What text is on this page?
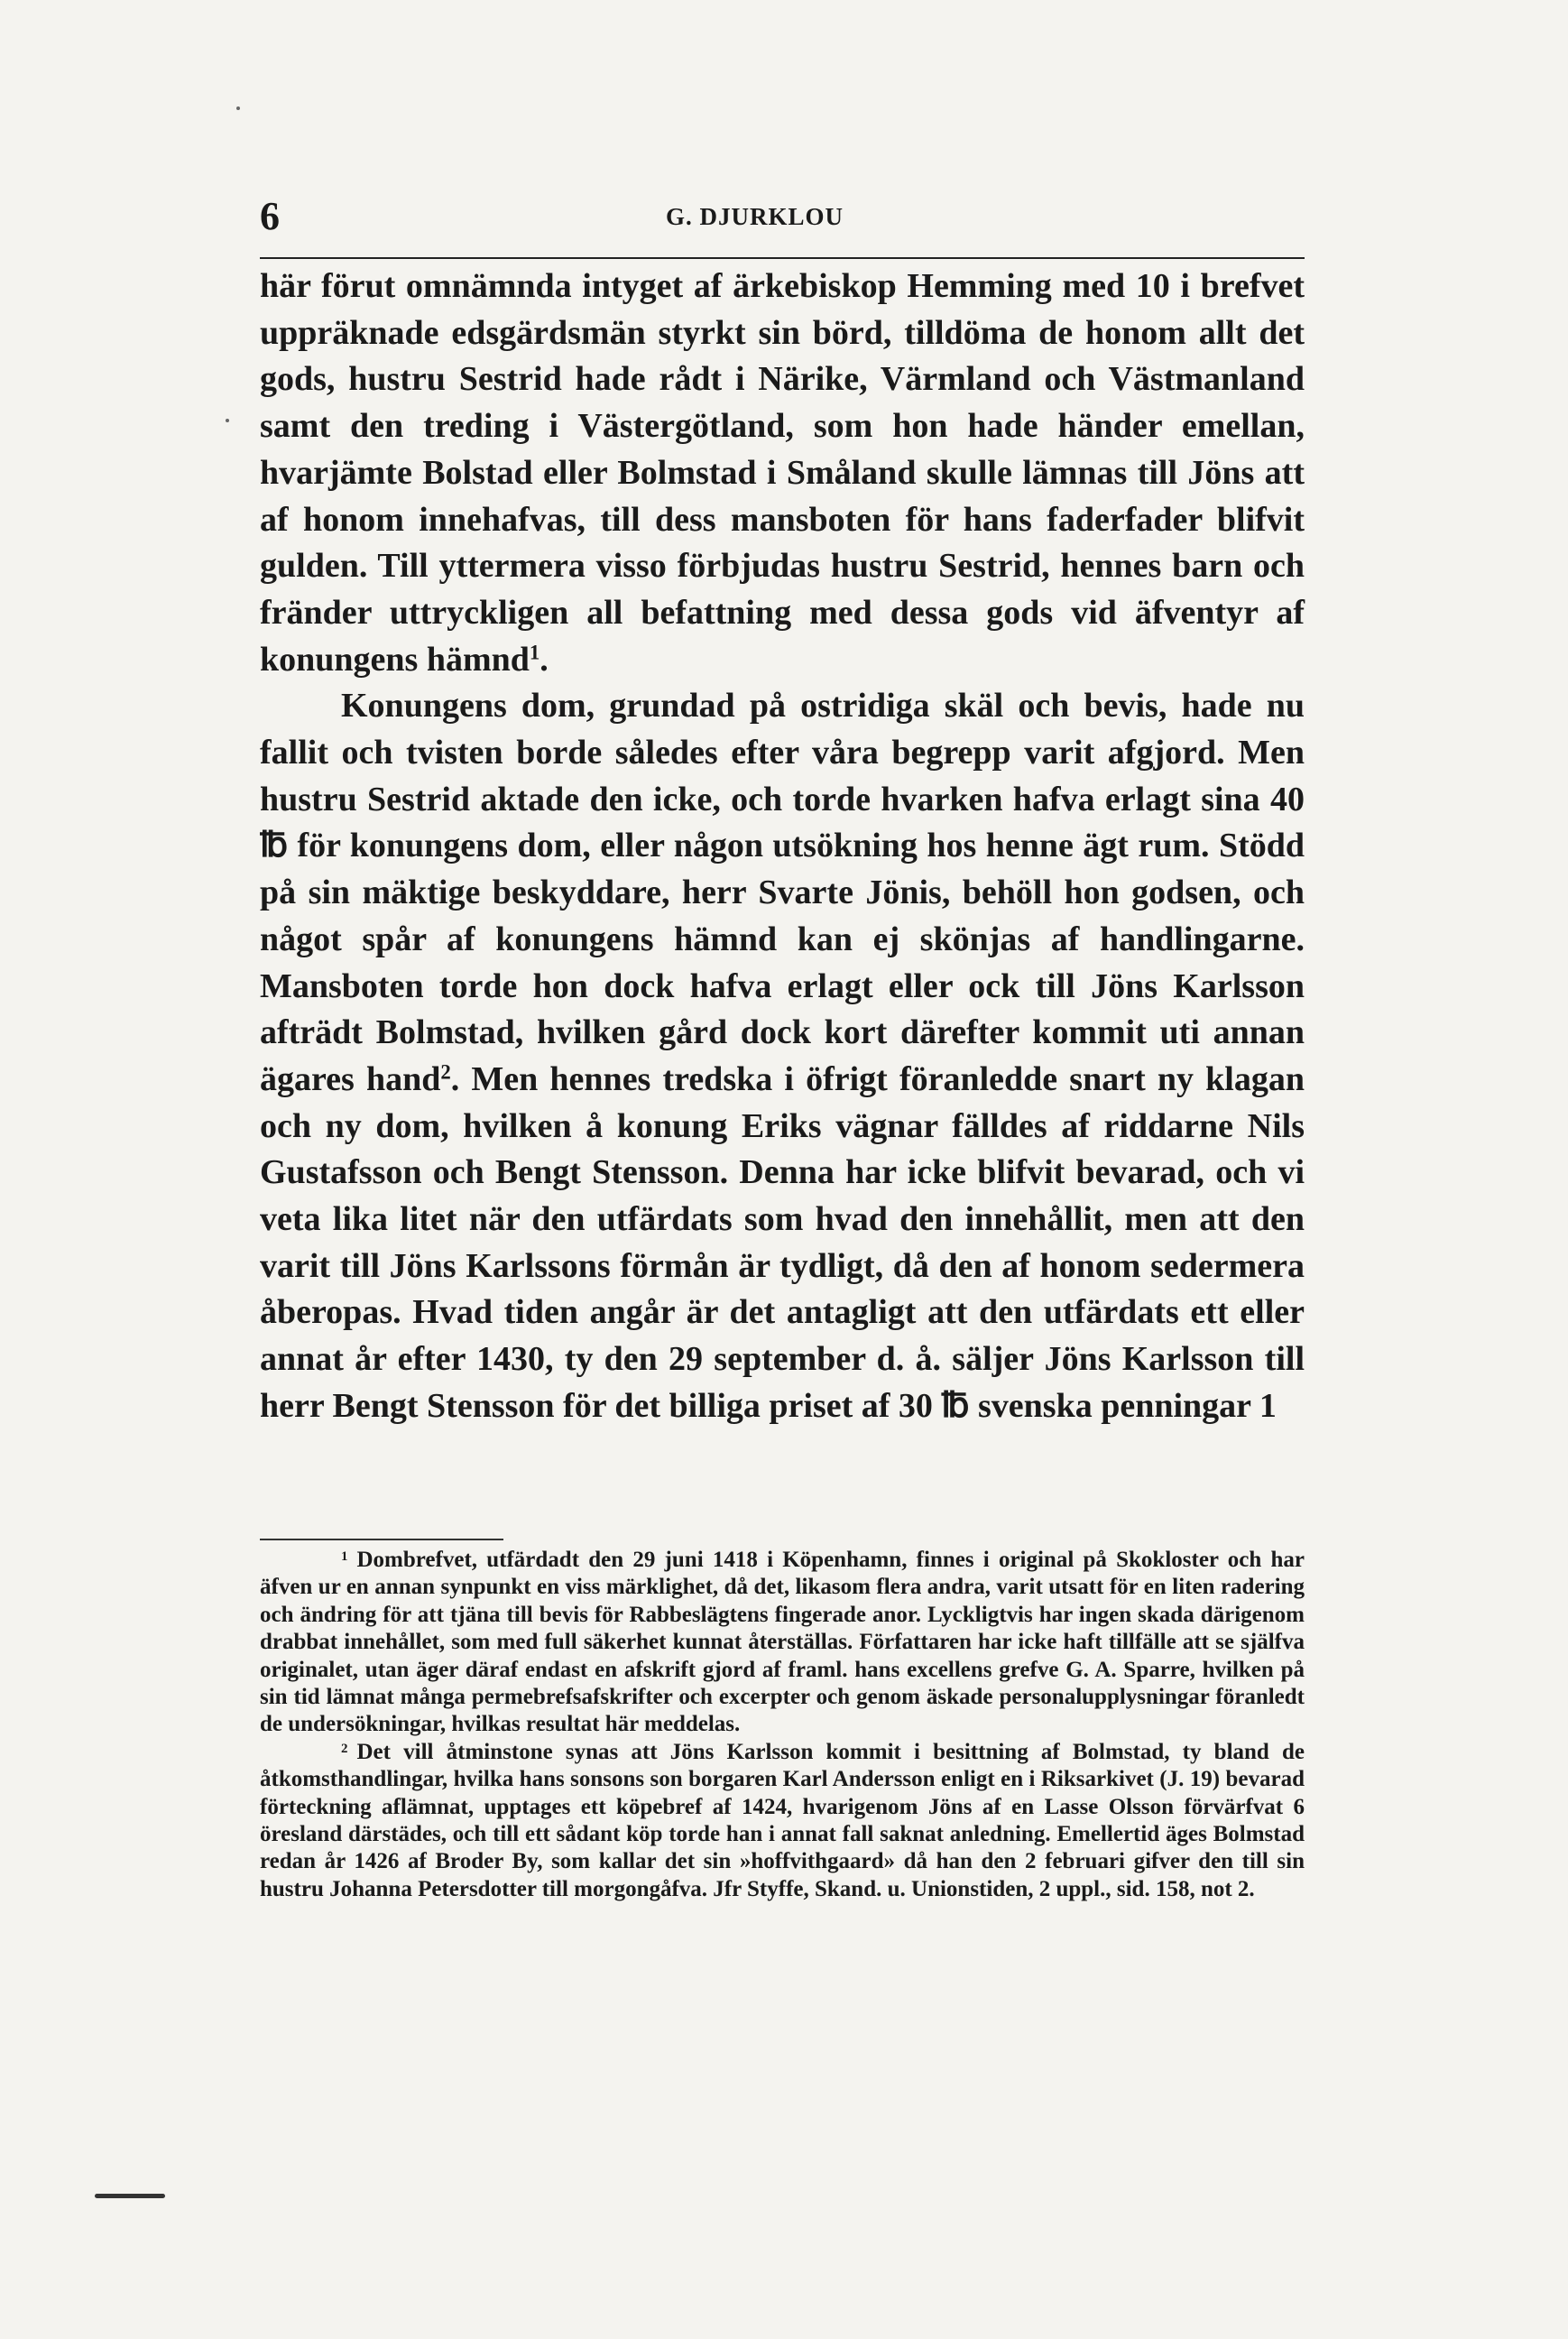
6	G. DJURKLOU

här förut omnämnda intyget af ärkebiskop Hemming med 10 i brefvet uppräknade edsgärdsmän styrkt sin börd, tilldöma de honom allt det gods, hustru Sestrid hade rådt i Närike, Värmland och Västmanland samt den treding i Västergötland, som hon hade händer emellan, hvarjämte Bolstad eller Bolmstad i Småland skulle lämnas till Jöns att af honom innehafvas, till dess mansboten för hans faderfader blifvit gulden. Till yttermera visso förbjudas hustru Sestrid, hennes barn och fränder uttryckligen all befattning med dessa gods vid äfventyr af konungens hämnd$^1$.

Konungens dom, grundad på ostridiga skäl och bevis, hade nu fallit och tvisten borde således efter våra begrepp varit afgjord. Men hustru Sestrid aktade den icke, och torde hvarken hafva erlagt sina 40 ℔ för konungens dom, eller någon utsökning hos henne ägt rum. Stödd på sin mäktige beskyddare, herr Svarte Jönis, behöll hon godsen, och något spår af konungens hämnd kan ej skönjas af handlingarne. Mansboten torde hon dock hafva erlagt eller ock till Jöns Karlsson afträdt Bolmstad, hvilken gård dock kort därefter kommit uti annan ägares hand$^2$. Men hennes tredska i öfrigt föranledde snart ny klagan och ny dom, hvilken å konung Eriks vägnar fälldes af riddarne Nils Gustafsson och Bengt Stensson. Denna har icke blifvit bevarad, och vi veta lika litet när den utfärdats som hvad den innehållit, men att den varit till Jöns Karlssons förmån är tydligt, då den af honom sedermera åberopas. Hvad tiden angår är det antagligt att den utfärdats ett eller annat år efter 1430, ty den 29 september d. å. säljer Jöns Karlsson till herr Bengt Stensson för det billiga priset af 30 ℔ svenska penningar 1

$^1$ Dombrefvet, utfärdadt den 29 juni 1418 i Köpenhamn, finnes i original på Skokloster och har äfven ur en annan synpunkt en viss märklighet, då det, likasom flera andra, varit utsatt för en liten radering och ändring för att tjäna till bevis för Rabbeslägtens fingerade anor. Lyckligtvis har ingen skada därigenom drabbat innehållet, som med full säkerhet kunnat återställas. Författaren har icke haft tillfälle att se själfva originalet, utan äger däraf endast en afskrift gjord af framl. hans excellens grefve G. A. Sparre, hvilken på sin tid lämnat många permebrefsafskrifter och excerpter och genom äskade personalupplysningar föranledt de undersökningar, hvilkas resultat här meddelas.

$^2$ Det vill åtminstone synas att Jöns Karlsson kommit i besittning af Bolmstad, ty bland de åtkomsthandlingar, hvilka hans sonsons son borgaren Karl Andersson enligt en i Riksarkivet (J. 19) bevarad förteckning aflämnat, upptages ett köpebref af 1424, hvarigenom Jöns af en Lasse Olsson förvärfvat 6 öresland därstädes, och till ett sådant köp torde han i annat fall saknat anledning. Emellertid äges Bolmstad redan år 1426 af Broder By, som kallar det sin »hoffvithgaard» då han den 2 februari gifver den till sin hustru Johanna Petersdotter till morgongåfva. Jfr Styffe, Skand. u. Unionstiden, 2 uppl., sid. 158, not 2.
